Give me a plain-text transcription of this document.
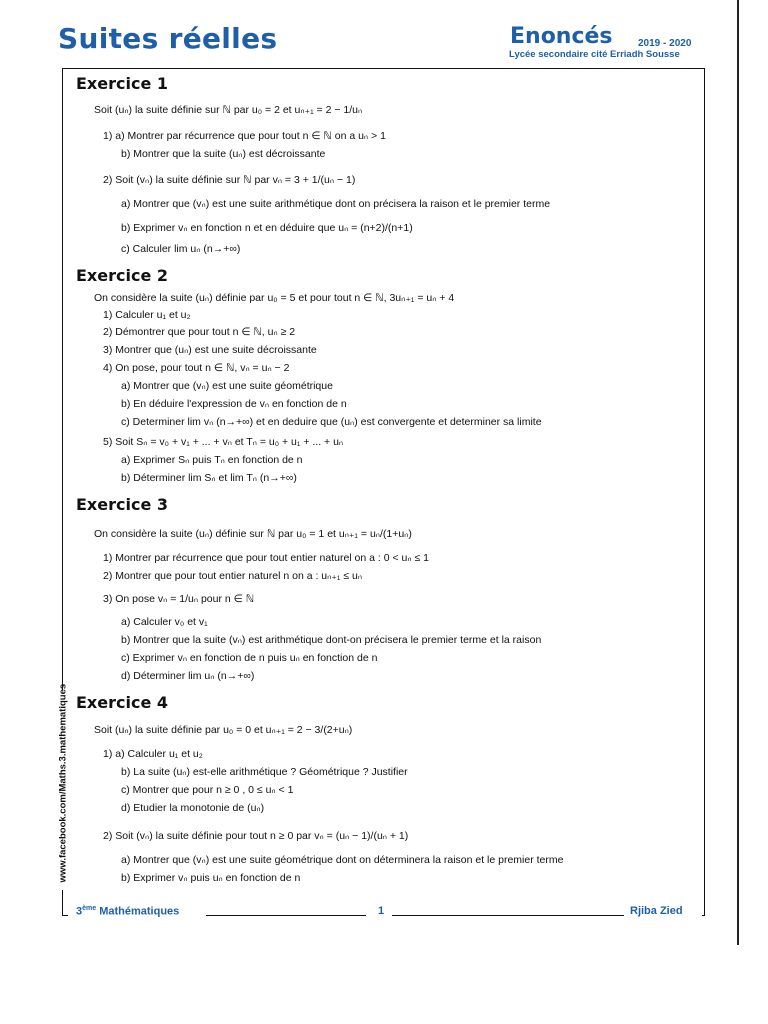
Suites réelles	Enoncés	2019 - 2020
Lycée secondaire cité Erriadh Sousse
www.facebook.com/Maths.3.mathematiques
3ème Mathématiques	1	Rjiba Zied
Exercice 1
Soit (uₙ) la suite définie sur ℕ par u₀ = 2 et uₙ₊₁ = 2 − 1/uₙ
1) a) Montrer par récurrence que pour tout n ∈ ℕ on a uₙ > 1
b) Montrer que la suite (uₙ) est décroissante
2) Soit (vₙ) la suite définie sur ℕ par vₙ = 3 + 1/(uₙ − 1)
a) Montrer que (vₙ) est une suite arithmétique dont on précisera la raison et le premier terme
b) Exprimer vₙ en fonction n et en déduire que uₙ = (n+2)/(n+1)
c) Calculer lim uₙ (n→+∞)
Exercice 2
On considère la suite (uₙ) définie par u₀ = 5 et pour tout n ∈ ℕ, 3uₙ₊₁ = uₙ + 4
1) Calculer u₁ et u₂
2) Démontrer que pour tout n ∈ ℕ, uₙ ≥ 2
3) Montrer que (uₙ) est une suite décroissante
4) On pose, pour tout n ∈ ℕ, vₙ = uₙ − 2
a) Montrer que (vₙ) est une suite géométrique
b) En déduire l'expression de vₙ en fonction de n
c) Determiner lim vₙ (n→+∞) et en deduire que (uₙ) est convergente et determiner sa limite
5) Soit Sₙ = v₀ + v₁ + ... + vₙ et Tₙ = u₀ + u₁ + ... + uₙ
a) Exprimer Sₙ puis Tₙ en fonction de n
b) Déterminer lim Sₙ et lim Tₙ (n→+∞)
Exercice 3
On considère la suite (uₙ) définie sur ℕ par u₀ = 1 et uₙ₊₁ = uₙ/(1+uₙ)
1) Montrer par récurrence que pour tout entier naturel on a : 0 < uₙ ≤ 1
2) Montrer que pour tout entier naturel n on a : uₙ₊₁ ≤ uₙ
3) On pose vₙ = 1/uₙ pour n ∈ ℕ
a) Calculer v₀ et v₁
b) Montrer que la suite (vₙ) est arithmétique dont-on précisera le premier terme et la raison
c) Exprimer vₙ en fonction de n puis uₙ en fonction de n
d) Déterminer lim uₙ (n→+∞)
Exercice 4
Soit (uₙ) la suite définie par u₀ = 0 et uₙ₊₁ = 2 − 3/(2+uₙ)
1) a) Calculer u₁ et u₂
b) La suite (uₙ) est-elle arithmétique ? Géométrique ? Justifier
c) Montrer que pour n ≥ 0 , 0 ≤ uₙ < 1
d) Etudier la monotonie de (uₙ)
2) Soit (vₙ) la suite définie pour tout n ≥ 0 par vₙ = (uₙ − 1)/(uₙ + 1)
a) Montrer que (vₙ) est une suite géométrique dont on déterminera la raison et le premier terme
b) Exprimer vₙ puis uₙ en fonction de n
